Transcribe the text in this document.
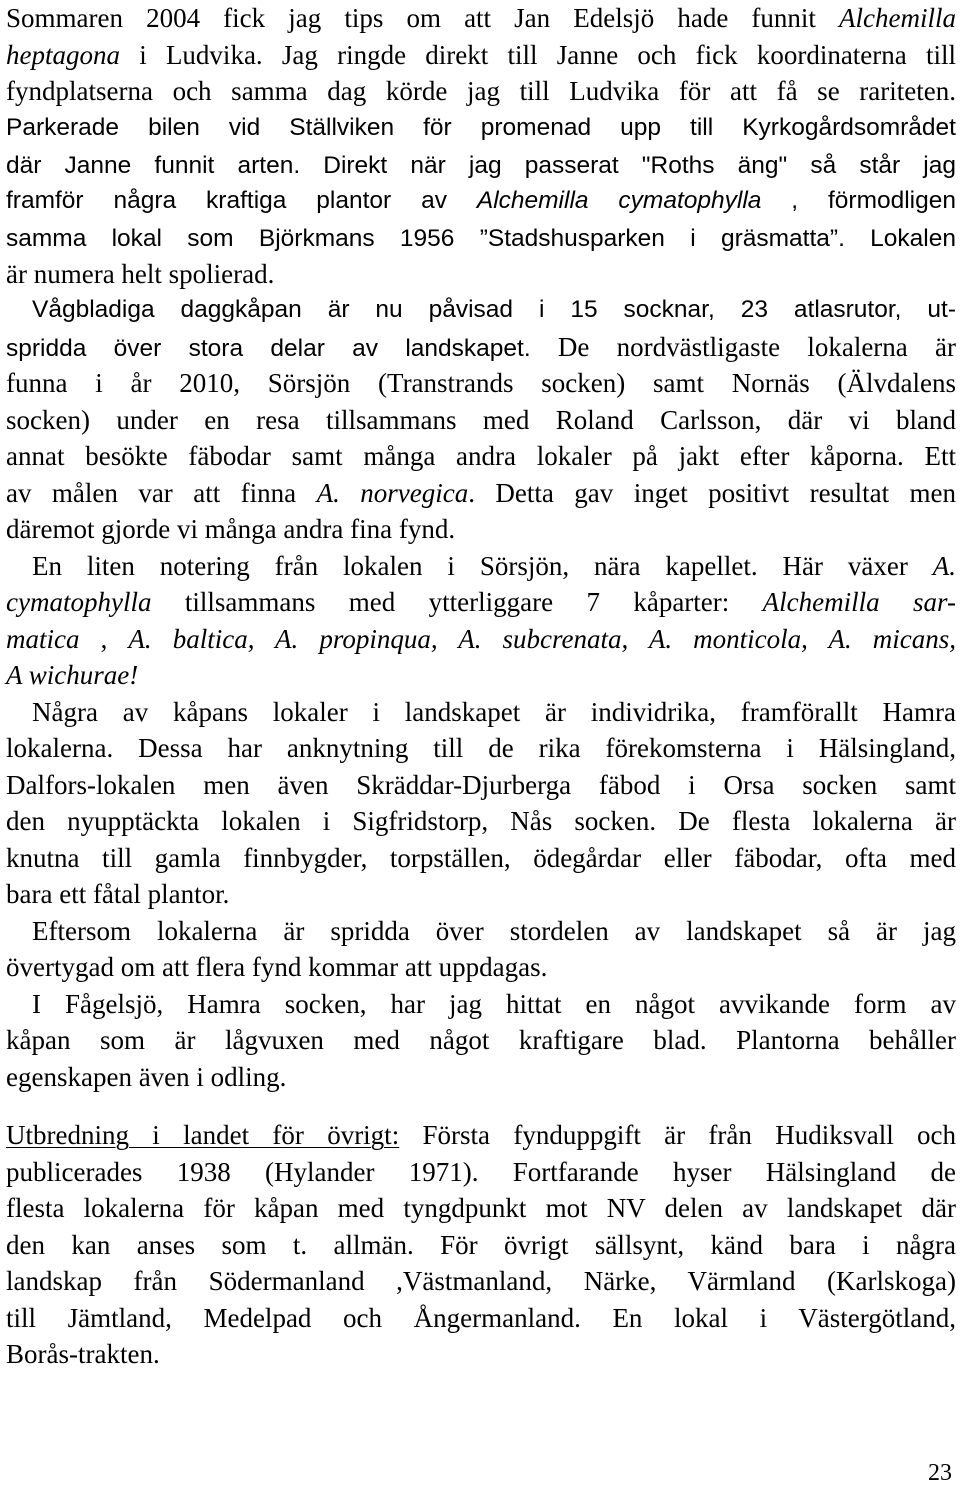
Sommaren 2004 fick jag tips om att Jan Edelsjö hade funnit Alchemilla
heptagona i Ludvika. Jag ringde direkt till Janne och fick koordinaterna till
fyndplatserna och samma dag körde jag till Ludvika för att få se rariteten.
Parkerade bilen vid Ställviken för promenad upp till Kyrkogårdsområdet
där Janne funnit arten. Direkt när jag passerat "Roths äng" så står jag
framför några kraftiga plantor av Alchemilla cymatophylla , förmodligen
samma lokal som Björkmans 1956 ”Stadshusparken i gräsmatta”. Lokalen
är numera helt spolierad.
Vågbladiga daggkåpan är nu påvisad i 15 socknar, 23 atlasrutor, ut-
spridda över stora delar av landskapet. De nordvästligaste lokalerna är
funna i år 2010, Sörsjön (Transtrands socken) samt Nornäs (Älvdalens
socken) under en resa tillsammans med Roland Carlsson, där vi bland
annat besökte fäbodar samt många andra lokaler på jakt efter kåporna. Ett
av målen var att finna A. norvegica. Detta gav inget positivt resultat men
däremot gjorde vi många andra fina fynd.
En liten notering från lokalen i Sörsjön, nära kapellet. Här växer A.
cymatophylla tillsammans med ytterliggare 7 kåparter: Alchemilla sar-
matica , A. baltica, A. propinqua, A. subcrenata, A. monticola, A. micans,
A wichurae!
Några av kåpans lokaler i landskapet är individrika, framförallt Hamra
lokalerna. Dessa har anknytning till de rika förekomsterna i Hälsingland,
Dalfors-lokalen men även Skräddar-Djurberga fäbod i Orsa socken samt
den nyupptäckta lokalen i Sigfridstorp, Nås socken. De flesta lokalerna är
knutna till gamla finnbygder, torpställen, ödegårdar eller fäbodar, ofta med
bara ett fåtal plantor.
Eftersom lokalerna är spridda över stordelen av landskapet så är jag
övertygad om att flera fynd kommar att uppdagas.
I Fågelsjö, Hamra socken, har jag hittat en något avvikande form av
kåpan som är lågvuxen med något kraftigare blad. Plantorna behåller
egenskapen även i odling.
Utbredning i landet för övrigt: Första fynduppgift är från Hudiksvall och
publicerades 1938 (Hylander 1971). Fortfarande hyser Hälsingland de
flesta lokalerna för kåpan med tyngdpunkt mot NV delen av landskapet där
den kan anses som t. allmän. För övrigt sällsynt, känd bara i några
landskap från Södermanland ,Västmanland, Närke, Värmland (Karlskoga)
till Jämtland, Medelpad och Ångermanland. En lokal i Västergötland,
Borås-trakten.
23
